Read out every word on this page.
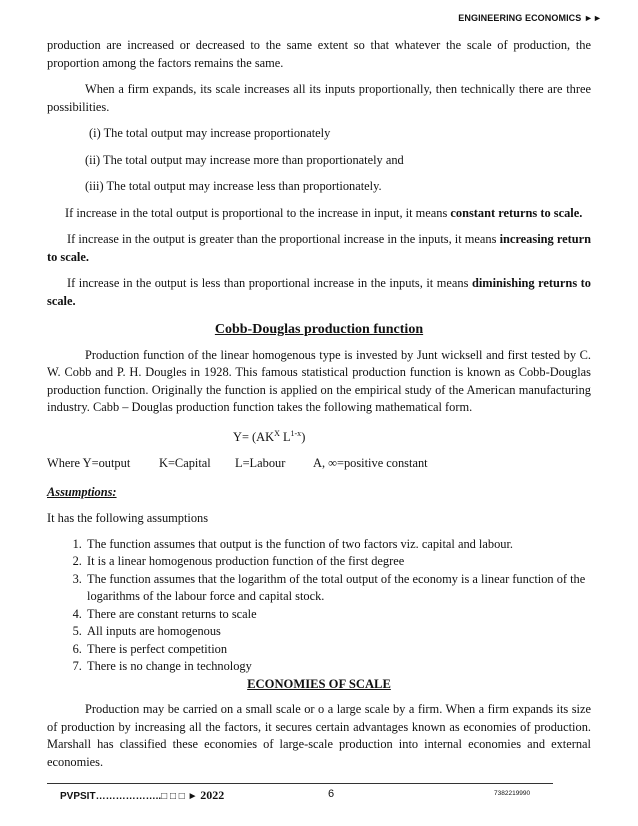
ENGINEERING ECONOMICS ►►

production are increased or decreased to the same extent so that whatever the scale of production, the proportion among the factors remains the same.

When a firm expands, its scale increases all its inputs proportionally, then technically there are three possibilities.

(i) The total output may increase proportionately
(ii) The total output may increase more than proportionately and
(iii) The total output may increase less than proportionately.

If increase in the total output is proportional to the increase in input, it means constant returns to scale.

If increase in the output is greater than the proportional increase in the inputs, it means increasing return to scale.

If increase in the output is less than proportional increase in the inputs, it means diminishing returns to scale.

Cobb-Douglas production function

Production function of the linear homogenous type is invested by Junt wicksell and first tested by C. W. Cobb and P. H. Dougles in 1928. This famous statistical production function is known as Cobb-Douglas production function. Originally the function is applied on the empirical study of the American manufacturing industry. Cabb – Douglas production function takes the following mathematical form.

$Y= (AK^X$ $L^{1-x}$)
Where Y=output	K=Capital	L=Labour	A, ∞=positive constant
Assumptions:

It has the following assumptions

1. The function assumes that output is the function of two factors viz. capital and labour.
2. It is a linear homogenous production function of the first degree
3. The function assumes that the logarithm of the total output of the economy is a linear function of the logarithms of the labour force and capital stock.
4. There are constant returns to scale
5. All inputs are homogenous
6. There is perfect competition
7. There is no change in technology
ECONOMIES OF SCALE

Production may be carried on a small scale or o a large scale by a firm. When a firm expands its size of production by increasing all the factors, it secures certain advantages known as economies of production. Marshall has classified these economies of large-scale production into internal economies and external economies.

PVPSIT………………..□ □ □ ► 2022	6	7382219990
